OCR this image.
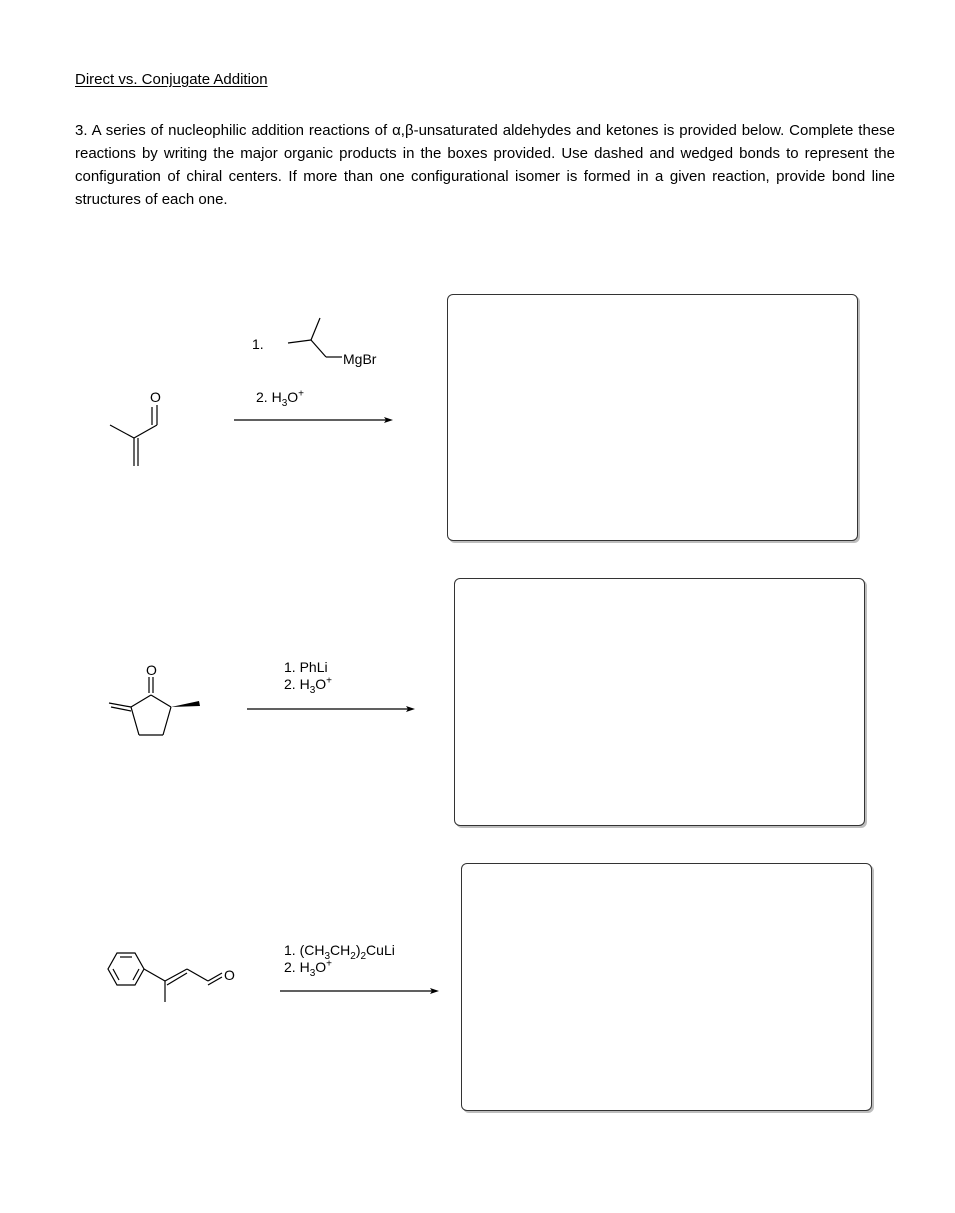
Direct vs. Conjugate Addition

3. A series of nucleophilic addition reactions of α,β-unsaturated aldehydes and ketones is provided below. Complete these reactions by writing the major organic products in the boxes provided. Use dashed and wedged bonds to represent the configuration of chiral centers. If more than one configurational isomer is formed in a given reaction, provide bond line structures of each one.

O
1.
MgBr
2. $H_3O^+$
O	1. PhLi
2. $H_3O^+$
O
1. $(CH_3CH_2)_2CuLi$
2. $H_3O^+$
